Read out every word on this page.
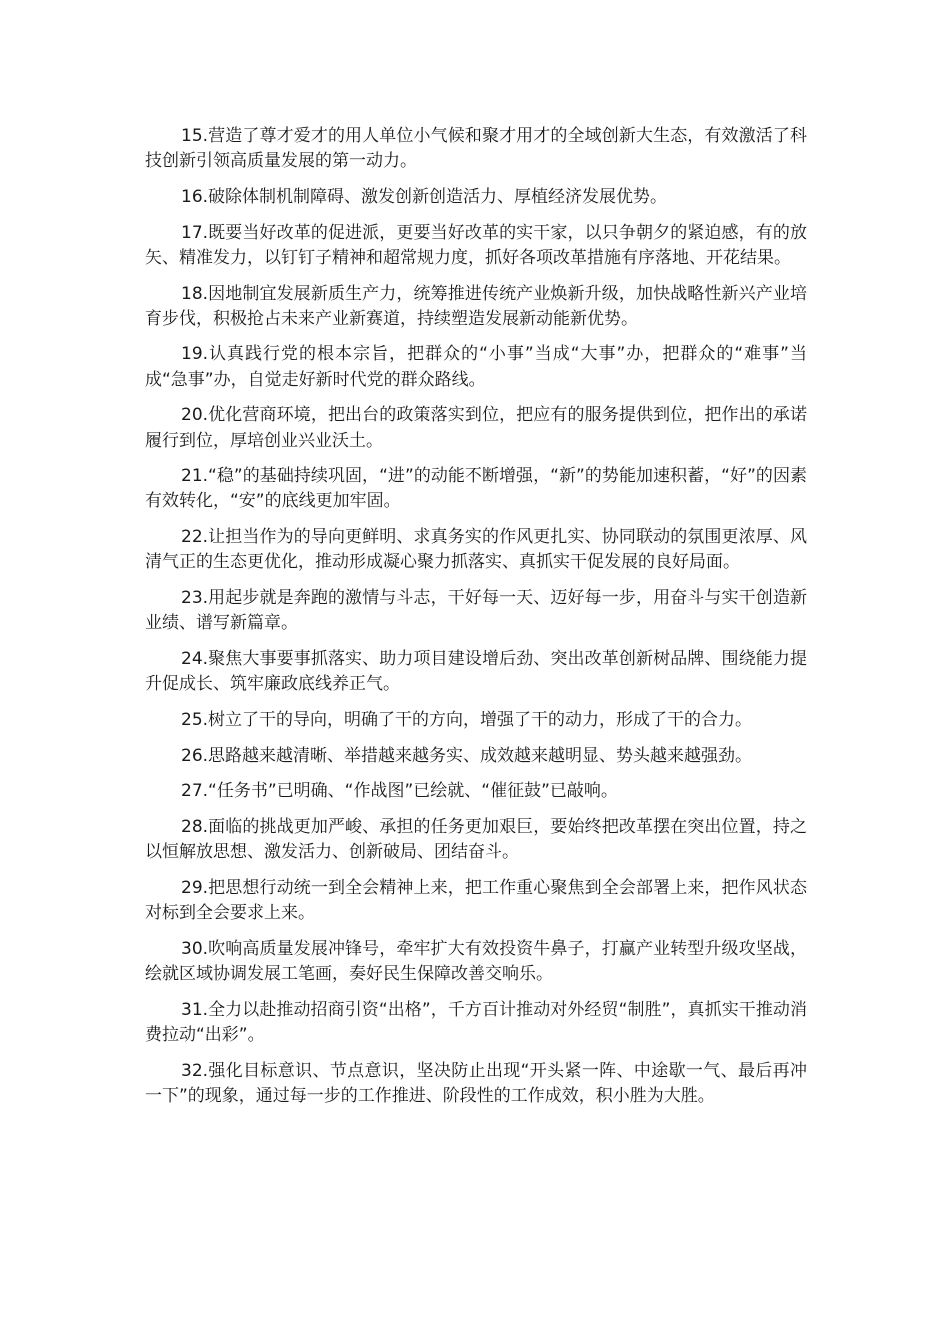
15.营造了尊才爱才的用人单位小气候和聚才用才的全域创新大生态，有效激活了科技创新引领高质量发展的第一动力。

16.破除体制机制障碍、激发创新创造活力、厚植经济发展优势。

17.既要当好改革的促进派，更要当好改革的实干家，以只争朝夕的紧迫感，有的放矢、精准发力，以钉钉子精神和超常规力度，抓好各项改革措施有序落地、开花结果。

18.因地制宜发展新质生产力，统筹推进传统产业焕新升级，加快战略性新兴产业培育步伐，积极抢占未来产业新赛道，持续塑造发展新动能新优势。

19.认真践行党的根本宗旨，把群众的“小事”当成“大事”办，把群众的“难事”当成“急事”办，自觉走好新时代党的群众路线。

20.优化营商环境，把出台的政策落实到位，把应有的服务提供到位，把作出的承诺履行到位，厚培创业兴业沃土。

21.“稳”的基础持续巩固，“进”的动能不断增强，“新”的势能加速积蓄，“好”的因素有效转化，“安”的底线更加牢固。

22.让担当作为的导向更鲜明、求真务实的作风更扎实、协同联动的氛围更浓厚、风清气正的生态更优化，推动形成凝心聚力抓落实、真抓实干促发展的良好局面。

23.用起步就是奔跑的激情与斗志，干好每一天、迈好每一步，用奋斗与实干创造新业绩、谱写新篇章。

24.聚焦大事要事抓落实、助力项目建设增后劲、突出改革创新树品牌、围绕能力提升促成长、筑牢廉政底线养正气。

25.树立了干的导向，明确了干的方向，增强了干的动力，形成了干的合力。

26.思路越来越清晰、举措越来越务实、成效越来越明显、势头越来越强劲。

27.“任务书”已明确、“作战图”已绘就、“催征鼓”已敲响。

28.面临的挑战更加严峻、承担的任务更加艰巨，要始终把改革摆在突出位置，持之以恒解放思想、激发活力、创新破局、团结奋斗。

29.把思想行动统一到全会精神上来，把工作重心聚焦到全会部署上来，把作风状态对标到全会要求上来。

30.吹响高质量发展冲锋号，牵牢扩大有效投资牛鼻子，打赢产业转型升级攻坚战，绘就区域协调发展工笔画，奏好民生保障改善交响乐。

31.全力以赴推动招商引资“出格”，千方百计推动对外经贸“制胜”，真抓实干推动消费拉动“出彩”。

32.强化目标意识、节点意识，坚决防止出现“开头紧一阵、中途歇一气、最后再冲一下”的现象，通过每一步的工作推进、阶段性的工作成效，积小胜为大胜。
